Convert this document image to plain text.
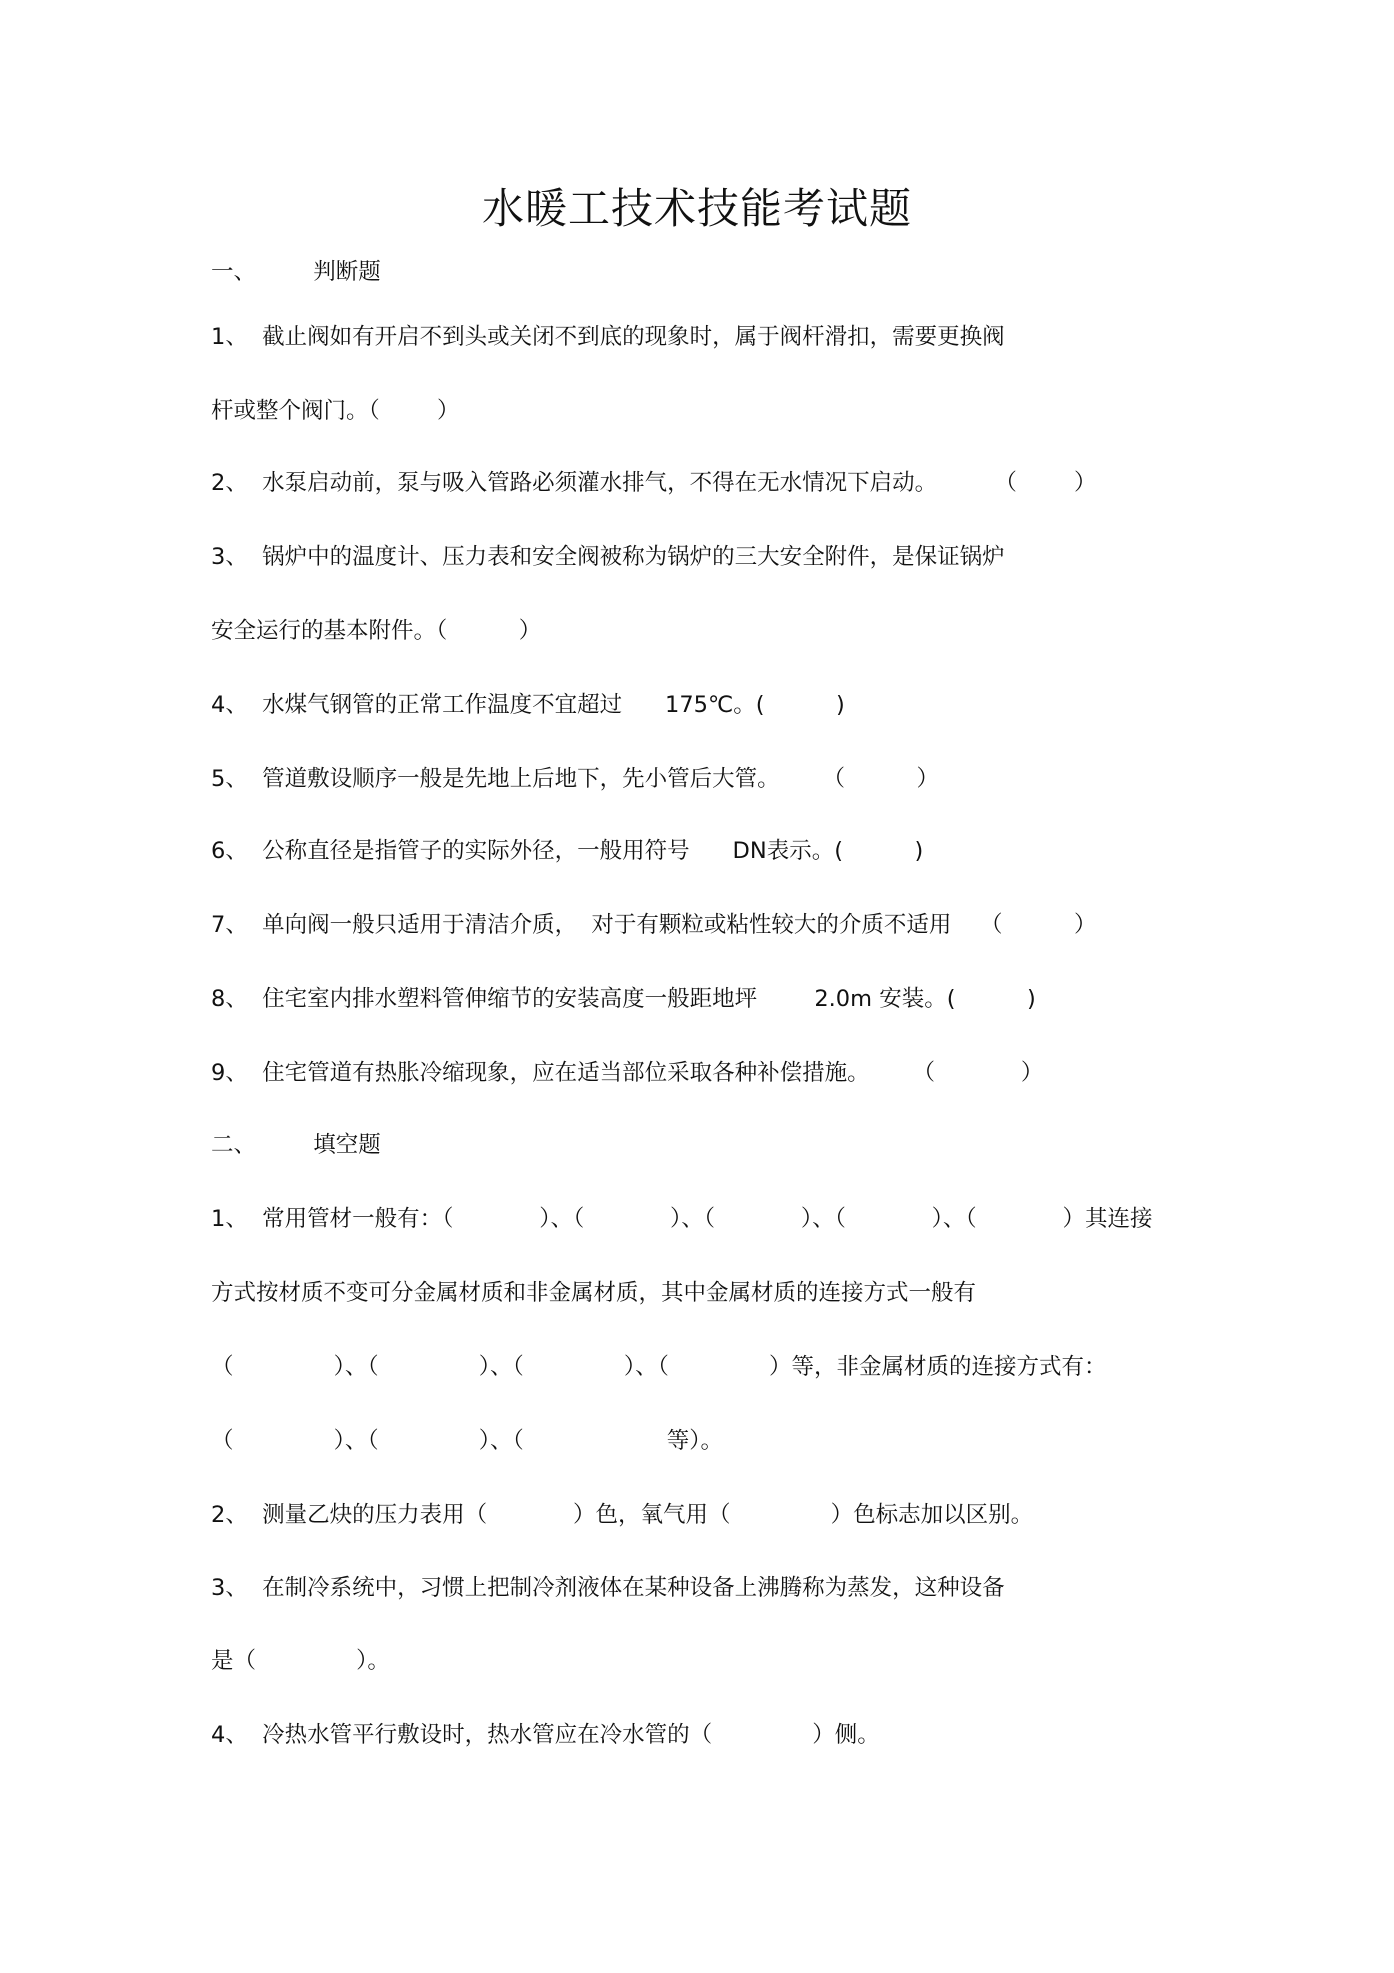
水暖工技术技能考试题
一、        判断题
1、  截止阀如有开启不到头或关闭不到底的现象时，属于阀杆滑扣，需要更换阀
杆或整个阀门。（        ）
2、  水泵启动前，泵与吸入管路必须灌水排气，不得在无水情况下启动。        （        ）
3、  锅炉中的温度计、压力表和安全阀被称为锅炉的三大安全附件，是保证锅炉
安全运行的基本附件。（          ）
4、  水煤气钢管的正常工作温度不宜超过      175℃。(          )
5、  管道敷设顺序一般是先地上后地下，先小管后大管。      （          ）
6、  公称直径是指管子的实际外径，一般用符号      DN表示。(          )
7、  单向阀一般只适用于清洁介质，  对于有颗粒或粘性较大的介质不适用    （          ）
8、  住宅室内排水塑料管伸缩节的安装高度一般距地坪        2.0m 安装。(          )
9、  住宅管道有热胀冷缩现象，应在适当部位采取各种补偿措施。      （            ）
二、        填空题
1、  常用管材一般有：（            ）、（            ）、（            ）、（            ）、（            ）其连接
方式按材质不变可分金属材质和非金属材质，其中金属材质的连接方式一般有
（              ）、（              ）、（              ）、（              ）等，非金属材质的连接方式有：
（              ）、（              ）、（                    等）。
2、  测量乙炔的压力表用（            ）色，氧气用（              ）色标志加以区别。
3、  在制冷系统中，习惯上把制冷剂液体在某种设备上沸腾称为蒸发，这种设备
是（              ）。
4、  冷热水管平行敷设时，热水管应在冷水管的（              ）侧。
